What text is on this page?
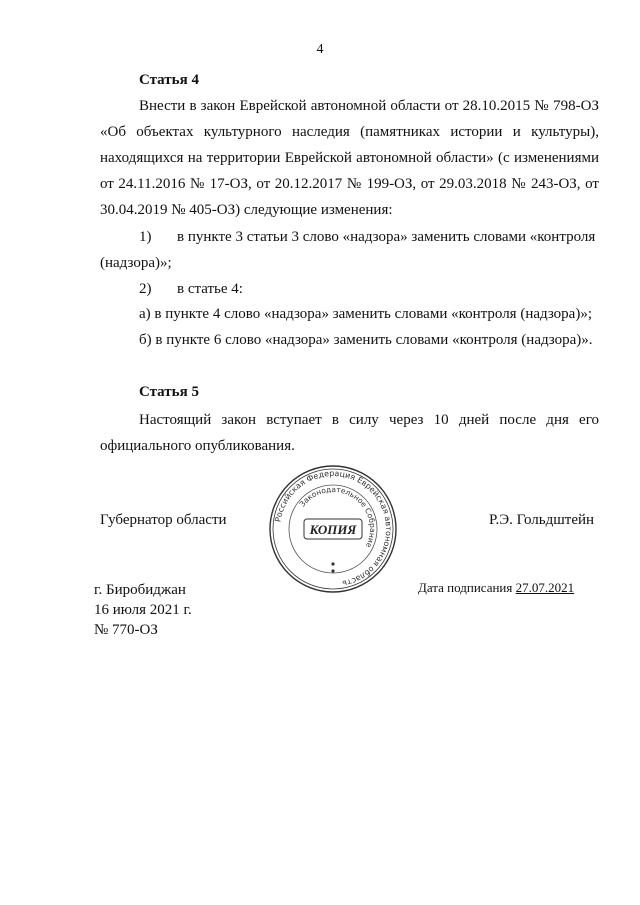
4
Статья 4
Внести в закон Еврейской автономной области от 28.10.2015 № 798-ОЗ «Об объектах культурного наследия (памятниках истории и культуры), находящихся на территории Еврейской автономной области» (с изменениями от 24.11.2016 № 17-ОЗ, от 20.12.2017 № 199-ОЗ, от 29.03.2018 № 243-ОЗ, от 30.04.2019 № 405-ОЗ) следующие изменения:
1) в пункте 3 статьи 3 слово «надзора» заменить словами «контроля
(надзора)»;
2) в статье 4:
а) в пункте 4 слово «надзора» заменить словами «контроля (надзора)»;
б) в пункте 6 слово «надзора» заменить словами «контроля (надзора)».
Статья 5
Настоящий закон вступает в силу через 10 дней после дня его официального опубликования.
Губернатор области	Р.Э. Гольдштейн
Российская Федерация Еврейская автономная область
Законодательное Собрание
КОПИЯ
г. Биробиджан
16 июля 2021 г.
№ 770-ОЗ
Дата подписания 27.07.2021
